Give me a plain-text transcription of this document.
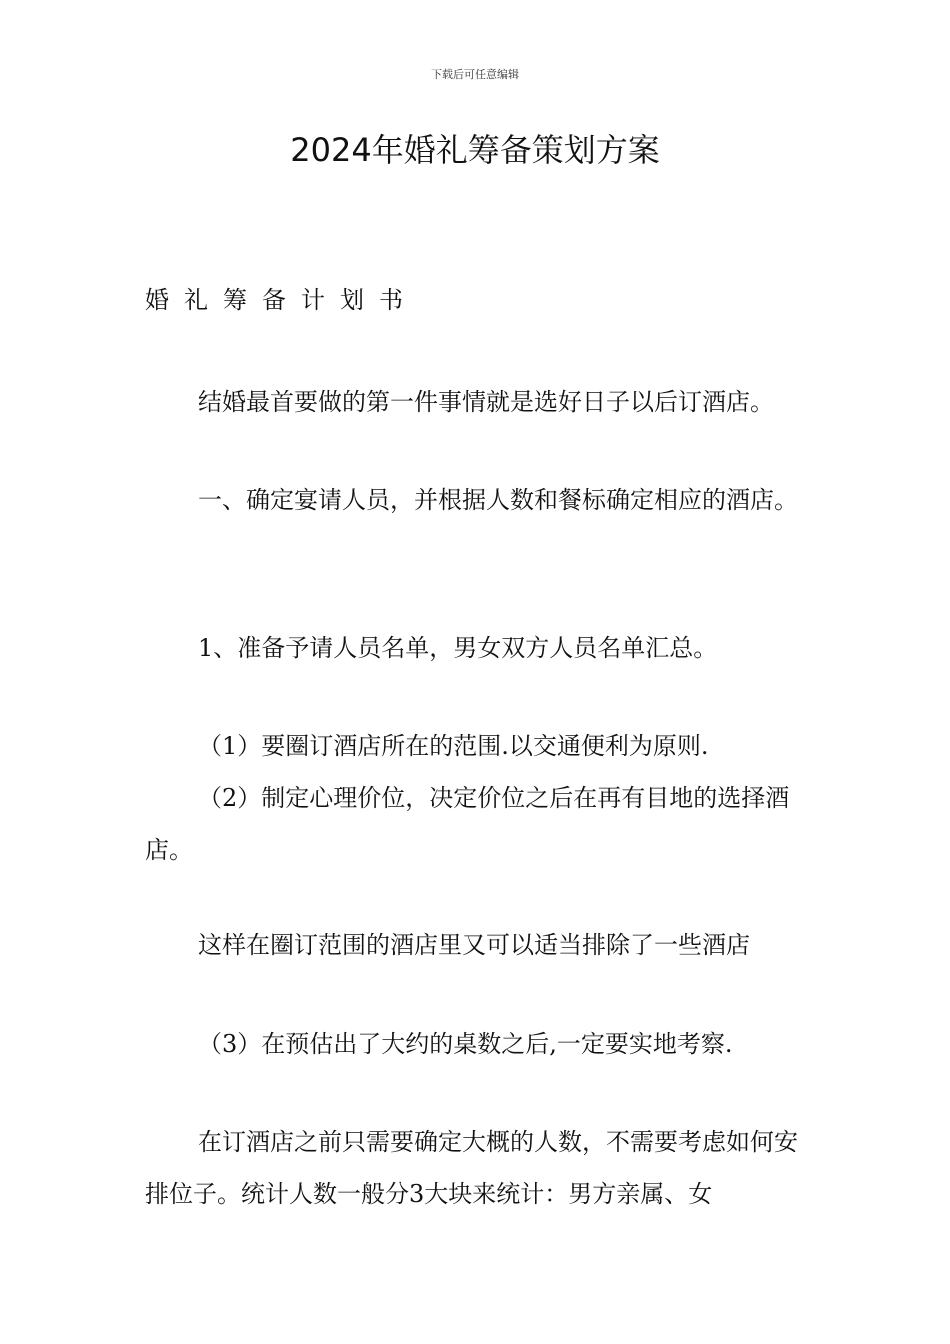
下载后可任意编辑
2024年婚礼筹备策划方案

婚礼筹备计划书

结婚最首要做的第一件事情就是选好日子以后订酒店。

一、确定宴请人员，并根据人数和餐标确定相应的酒店。

1、准备予请人员名单，男女双方人员名单汇总。

（1）要圈订酒店所在的范围.以交通便利为原则.

（2）制定心理价位，决定价位之后在再有目地的选择酒店。

这样在圈订范围的酒店里又可以适当排除了一些酒店

（3）在预估出了大约的桌数之后,一定要实地考察.

在订酒店之前只需要确定大概的人数，不需要考虑如何安排位子。统计人数一般分3大块来统计：男方亲属、女
